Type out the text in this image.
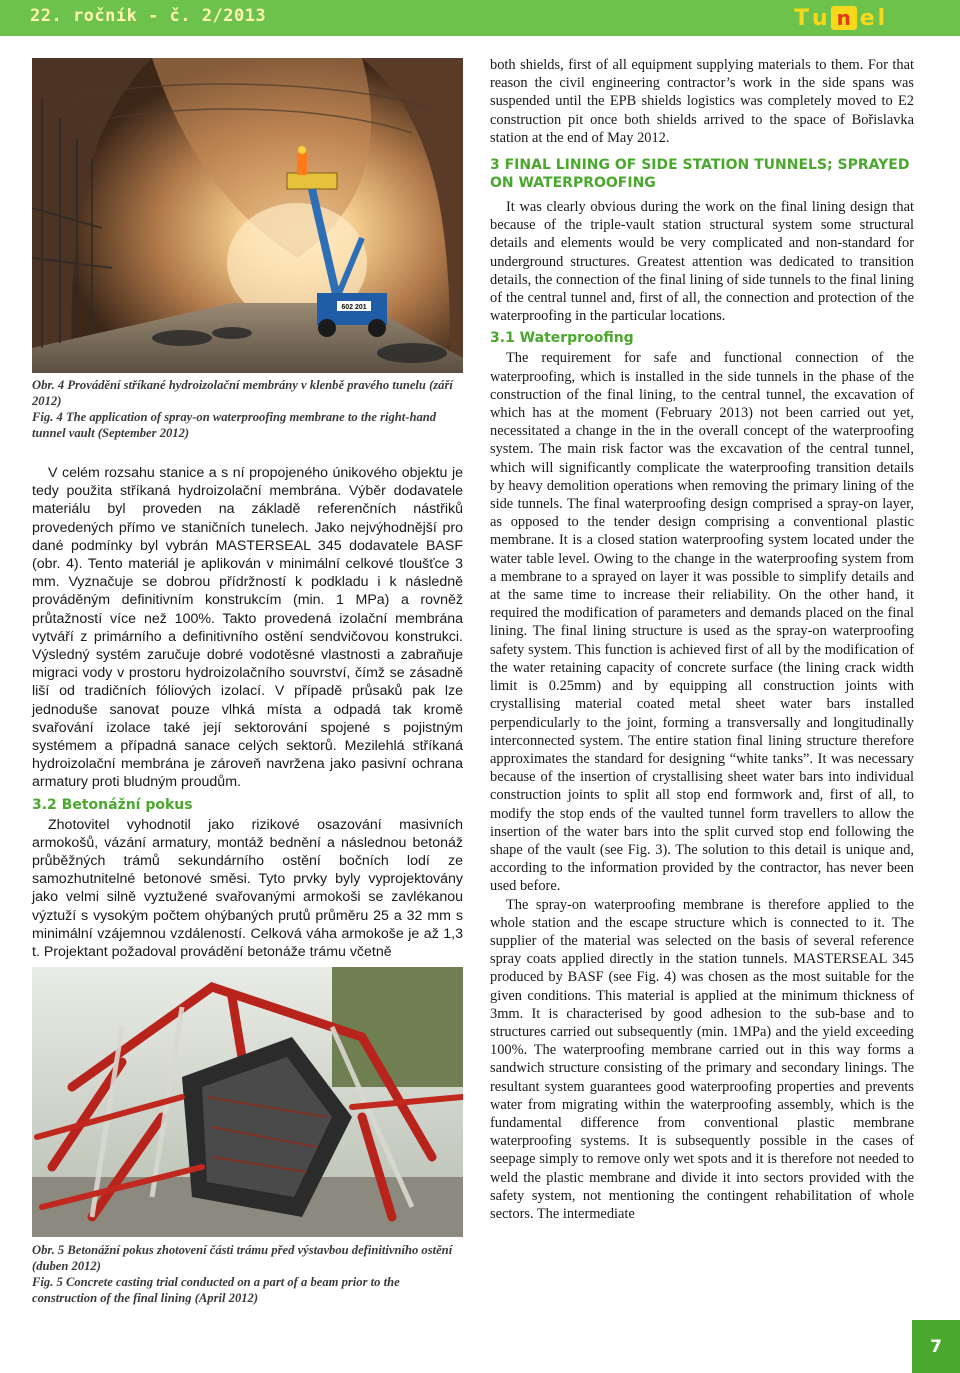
22. ročník - č. 2/2013	T u n e l
602 201

Obr. 4 Provádění stříkané hydroizolační membrány v klenbě pravého tunelu (září 2012)

Fig. 4 The application of spray-on waterproofing membrane to the right-hand tunnel vault (September 2012)

V celém rozsahu stanice a s ní propojeného únikového objektu je tedy použita stříkaná hydroizolační membrána. Výběr dodavatele materiálu byl proveden na základě referenčních nástřiků provedených přímo ve staničních tunelech. Jako nejvýhodnější pro dané podmínky byl vybrán MASTERSEAL 345 dodavatele BASF (obr. 4). Tento materiál je aplikován v minimální celkové tloušťce 3 mm. Vyznačuje se dobrou přídržností k podkladu i k následně prováděným definitivním konstrukcím (min. 1 MPa) a rovněž průtažností více než 100%. Takto provedená izolační membrána vytváří z primárního a definitivního ostění sendvičovou konstrukci. Výsledný systém zaručuje dobré vodotěsné vlastnosti a zabraňuje migraci vody v prostoru hydroizolačního souvrství, čímž se zásadně liší od tradičních fóliových izolací. V případě průsaků pak lze jednoduše sanovat pouze vlhká místa a odpadá tak kromě svařování izolace také její sektorování spojené s pojistným systémem a případná sanace celých sektorů. Mezilehlá stříkaná hydroizolační membrána je zároveň navržena jako pasivní ochrana armatury proti bludným proudům.

3.2 Betonážní pokus

Zhotovitel vyhodnotil jako rizikové osazování masivních armokošů, vázání armatury, montáž bednění a následnou betonáž průběžných trámů sekundárního ostění bočních lodí ze samozhutnitelné betonové směsi. Tyto prvky byly vyprojektovány jako velmi silně vyztužené svařovanými armokoši se zavlékanou výztuží s vysokým počtem ohýbaných prutů průměru 25 a 32 mm s minimální vzájemnou vzdáleností. Celková váha armokoše je až 1,3 t. Projektant požadoval provádění betonáže trámu včetně

Obr. 5 Betonážní pokus zhotovení části trámu před výstavbou definitivního ostění (duben 2012)

Fig. 5 Concrete casting trial conducted on a part of a beam prior to the construction of the final lining (April 2012)

both shields, first of all equipment supplying materials to them. For that reason the civil engineering contractor’s work in the side spans was suspended until the EPB shields logistics was completely moved to E2 construction pit once both shields arrived to the space of Bořislavka station at the end of May 2012.

3 FINAL LINING OF SIDE STATION TUNNELS; SPRAYED ON WATERPROOFING

It was clearly obvious during the work on the final lining design that because of the triple-vault station structural system some structural details and elements would be very complicated and non-standard for underground structures. Greatest attention was dedicated to transition details, the connection of the final lining of side tunnels to the final lining of the central tunnel and, first of all, the connection and protection of the waterproofing in the particular locations.

3.1 Waterproofing

The requirement for safe and functional connection of the waterproofing, which is installed in the side tunnels in the phase of the construction of the final lining, to the central tunnel, the excavation of which has at the moment (February 2013) not been carried out yet, necessitated a change in the in the overall concept of the waterproofing system. The main risk factor was the excavation of the central tunnel, which will significantly complicate the waterproofing transition details by heavy demolition operations when removing the primary lining of the side tunnels. The final waterproofing design comprised a spray-on layer, as opposed to the tender design comprising a conventional plastic membrane. It is a closed station waterproofing system located under the water table level. Owing to the change in the waterproofing system from a membrane to a sprayed on layer it was possible to simplify details and at the same time to increase their reliability. On the other hand, it required the modification of parameters and demands placed on the final lining. The final lining structure is used as the spray-on waterproofing safety system. This function is achieved first of all by the modification of the water retaining capacity of concrete surface (the lining crack width limit is 0.25mm) and by equipping all construction joints with crystallising material coated metal sheet water bars installed perpendicularly to the joint, forming a transversally and longitudinally interconnected system. The entire station final lining structure therefore approximates the standard for designing “white tanks”. It was necessary because of the insertion of crystallising sheet water bars into individual construction joints to split all stop end formwork and, first of all, to modify the stop ends of the vaulted tunnel form travellers to allow the insertion of the water bars into the split curved stop end following the shape of the vault (see Fig. 3). The solution to this detail is unique and, according to the information provided by the contractor, has never been used before.

The spray-on waterproofing membrane is therefore applied to the whole station and the escape structure which is connected to it. The supplier of the material was selected on the basis of several reference spray coats applied directly in the station tunnels. MASTERSEAL 345 produced by BASF (see Fig. 4) was chosen as the most suitable for the given conditions. This material is applied at the minimum thickness of 3mm. It is characterised by good adhesion to the sub-base and to structures carried out subsequently (min. 1MPa) and the yield exceeding 100%. The waterproofing membrane carried out in this way forms a sandwich structure consisting of the primary and secondary linings. The resultant system guarantees good waterproofing properties and prevents water from migrating within the waterproofing assembly, which is the fundamental difference from conventional plastic membrane waterproofing systems. It is subsequently possible in the cases of seepage simply to remove only wet spots and it is therefore not needed to weld the plastic membrane and divide it into sectors provided with the safety system, not mentioning the contingent rehabilitation of whole sectors. The intermediate

7
